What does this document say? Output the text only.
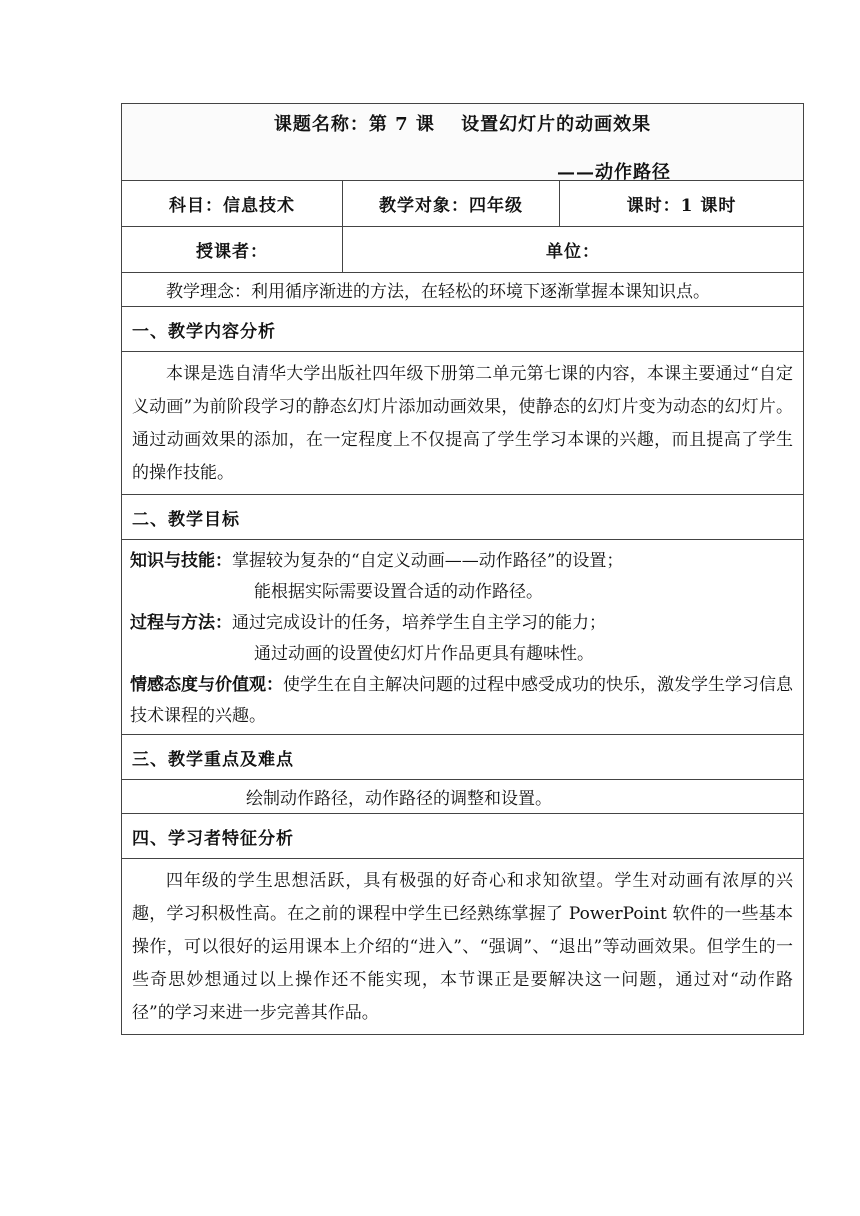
课题名称：第 7 课　 设置幻灯片的动画效果
——动作路径		

科目：信息技术	教学对象：四年级	课时：1 课时
授课者：	单位：	

教学理念：利用循序渐进的方法，在轻松的环境下逐渐掌握本课知识点。		

一、教学内容分析		

本课是选自清华大学出版社四年级下册第二单元第七课的内容，本课主要通过“自定义动画”为前阶段学习的静态幻灯片添加动画效果，使静态的幻灯片变为动态的幻灯片。通过动画效果的添加，在一定程度上不仅提高了学生学习本课的兴趣，而且提高了学生的操作技能。		

二、教学目标		

知识与技能：掌握较为复杂的“自定义动画——动作路径”的设置；
能根据实际需要设置合适的动作路径。
过程与方法：通过完成设计的任务，培养学生自主学习的能力；
通过动画的设置使幻灯片作品更具有趣味性。
情感态度与价值观：使学生在自主解决问题的过程中感受成功的快乐，激发学生学习信息技术课程的兴趣。		

三、教学重点及难点		

绘制动作路径，动作路径的调整和设置。		

四、学习者特征分析		

四年级的学生思想活跃，具有极强的好奇心和求知欲望。学生对动画有浓厚的兴趣，学习积极性高。在之前的课程中学生已经熟练掌握了 PowerPoint 软件的一些基本操作，可以很好的运用课本上介绍的“进入”、“强调”、“退出”等动画效果。但学生的一些奇思妙想通过以上操作还不能实现，本节课正是要解决这一问题，通过对“动作路径”的学习来进一步完善其作品。		
